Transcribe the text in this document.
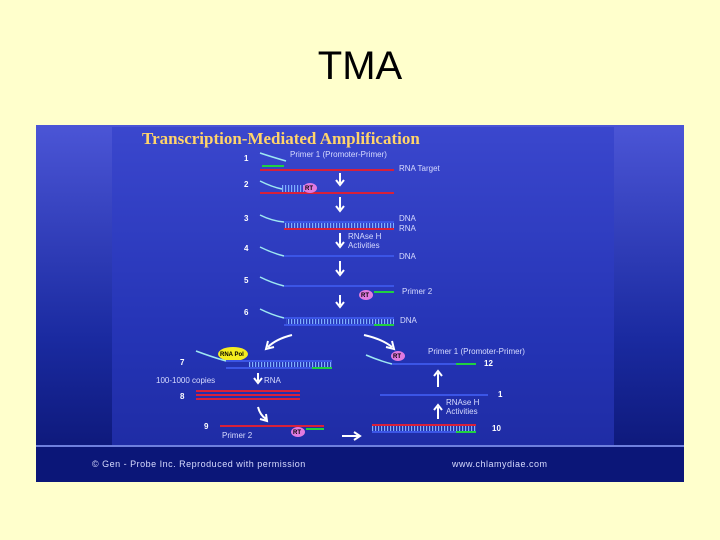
TMA
Transcription-Mediated Amplification
1	Primer 1 (Promoter-Primer)
RNA Target
2	RT
3	DNA
RNA
RNAse H
Activities
4
DNA
5
RT	Primer 2
6
DNA
7
RNA Pol
100-1000 copies	RNA
8
9
RT
Primer 2
10
RNAse H
Activities
1
RT
Primer 1 (Promoter-Primer)
12
© Gen - Probe Inc. Reproduced with permission	www.chlamydiae.com
